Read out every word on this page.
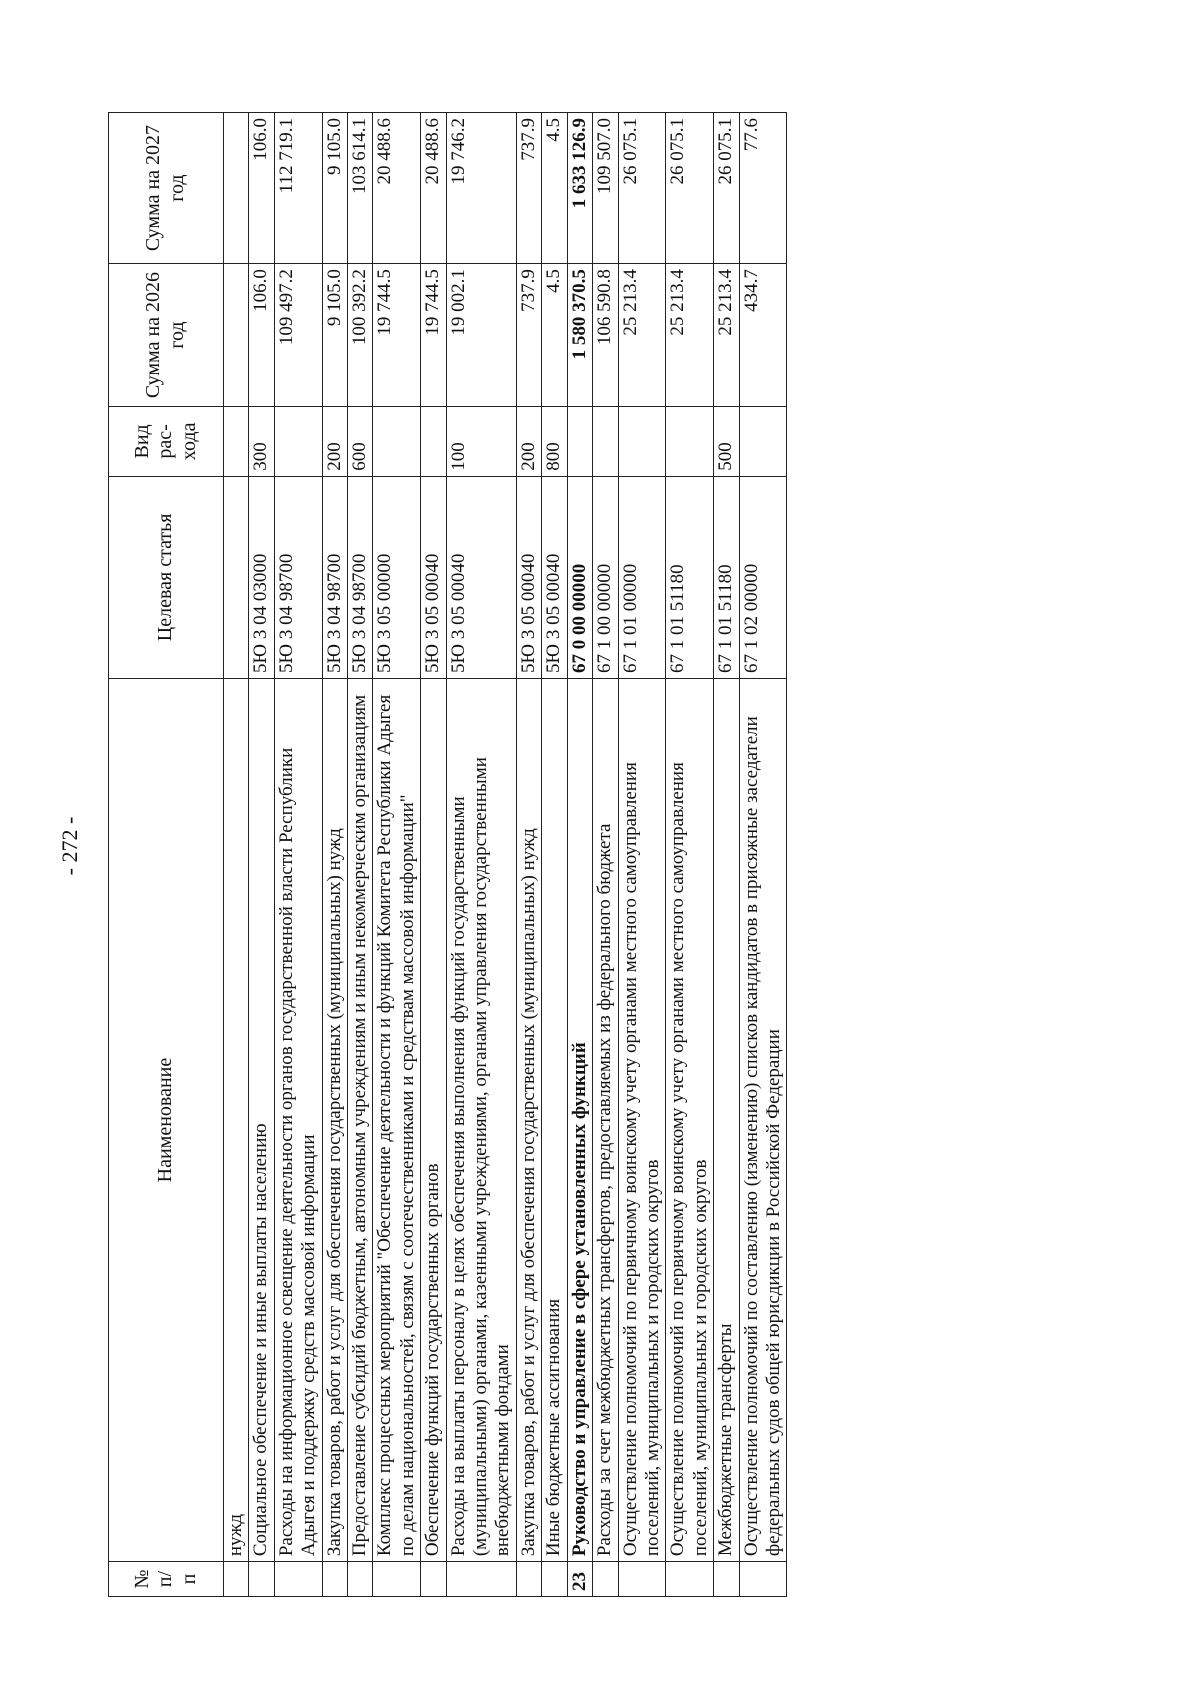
- 272 -
№ п/п	Наименование	Целевая статья	Вид рас-хода	Сумма на 2026 год	Сумма на 2027 год
	нужд				
	Социальное обеспечение и иные выплаты населению	5Ю 3 04 03000	300	106.0	106.0
	Расходы на информационное освещение деятельности органов государственной власти Республики Адыгея и поддержку средств массовой информации	5Ю 3 04 98700		109 497.2	112 719.1
	Закупка товаров, работ и услуг для обеспечения государственных (муниципальных) нужд	5Ю 3 04 98700	200	9 105.0	9 105.0
	Предоставление субсидий бюджетным, автономным учреждениям и иным некоммерческим организациям	5Ю 3 04 98700	600	100 392.2	103 614.1
	Комплекс процессных мероприятий "Обеспечение деятельности и функций Комитета Республики Адыгея по делам национальностей, связям с соотечественниками и средствам массовой информации"	5Ю 3 05 00000		19 744.5	20 488.6
	Обеспечение функций государственных органов	5Ю 3 05 00040		19 744.5	20 488.6
	Расходы на выплаты персоналу в целях обеспечения выполнения функций государственными (муниципальными) органами, казенными учреждениями, органами управления государственными внебюджетными фондами	5Ю 3 05 00040	100	19 002.1	19 746.2
	Закупка товаров, работ и услуг для обеспечения государственных (муниципальных) нужд	5Ю 3 05 00040	200	737.9	737.9
	Иные бюджетные ассигнования	5Ю 3 05 00040	800	4.5	4.5
23	Руководство и управление в сфере установленных функций	67 0 00 00000		1 580 370.5	1 633 126.9
	Расходы за счет межбюджетных трансфертов, предоставляемых из федерального бюджета	67 1 00 00000		106 590.8	109 507.0
	Осуществление полномочий по первичному воинскому учету органами местного самоуправления поселений, муниципальных и городских округов	67 1 01 00000		25 213.4	26 075.1
	Осуществление полномочий по первичному воинскому учету органами местного самоуправления поселений, муниципальных и городских округов	67 1 01 51180		25 213.4	26 075.1
	Межбюджетные трансферты	67 1 01 51180	500	25 213.4	26 075.1
	Осуществление полномочий по составлению (изменению) списков кандидатов в присяжные заседатели федеральных судов общей юрисдикции в Российской Федерации	67 1 02 00000		434.7	77.6
